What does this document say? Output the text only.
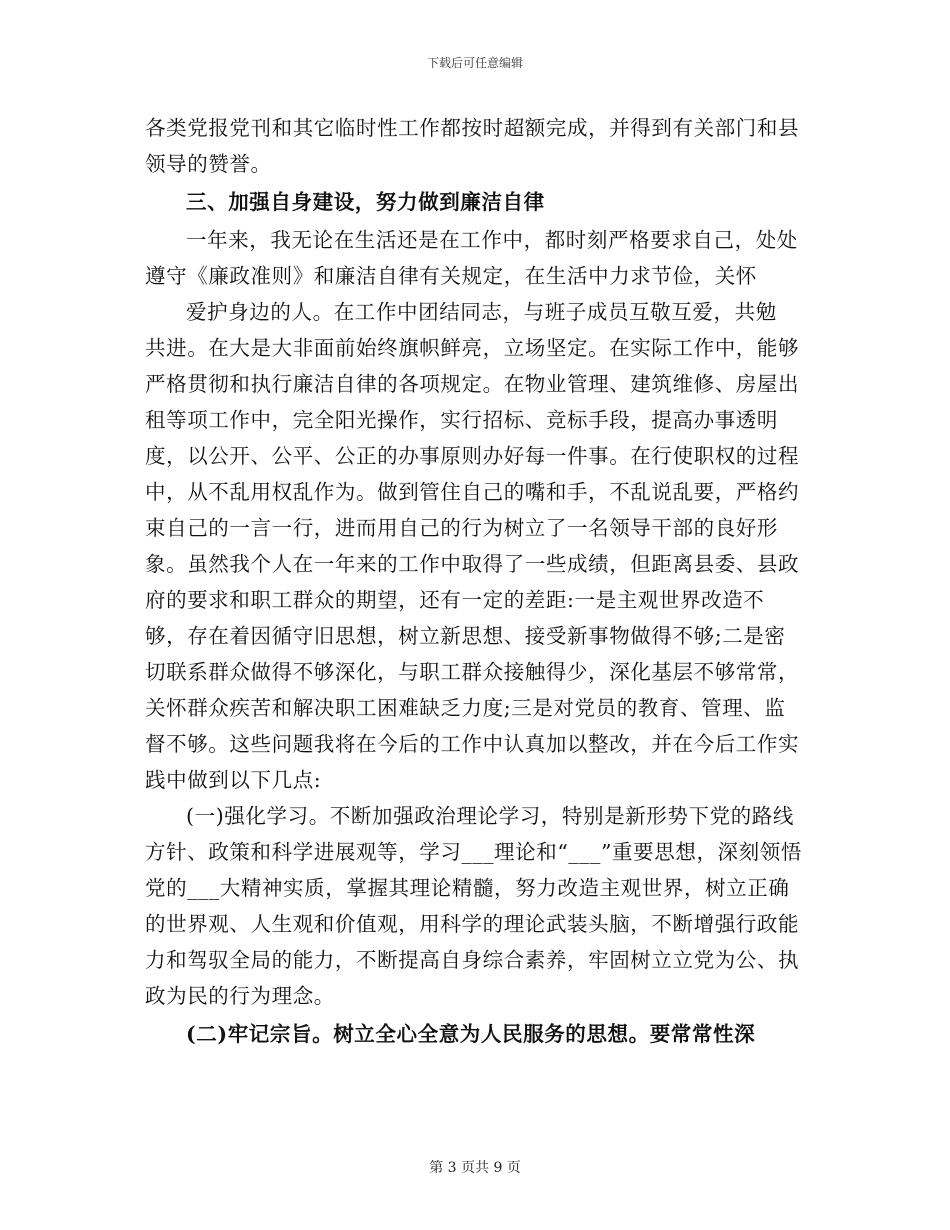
下载后可任意编辑

各类党报党刊和其它临时性工作都按时超额完成，并得到有关部门和县领导的赞誉。

三、加强自身建设，努力做到廉洁自律

一年来，我无论在生活还是在工作中，都时刻严格要求自己，处处遵守《廉政准则》和廉洁自律有关规定，在生活中力求节俭，关怀

爱护身边的人。在工作中团结同志，与班子成员互敬互爱，共勉

共进。在大是大非面前始终旗帜鲜亮，立场坚定。在实际工作中，能够严格贯彻和执行廉洁自律的各项规定。在物业管理、建筑维修、房屋出租等项工作中，完全阳光操作，实行招标、竞标手段，提高办事透明度，以公开、公平、公正的办事原则办好每一件事。在行使职权的过程中，从不乱用权乱作为。做到管住自己的嘴和手，不乱说乱要，严格约束自己的一言一行，进而用自己的行为树立了一名领导干部的良好形象。虽然我个人在一年来的工作中取得了一些成绩，但距离县委、县政府的要求和职工群众的期望，还有一定的差距:一是主观世界改造不够，存在着因循守旧思想，树立新思想、接受新事物做得不够;二是密切联系群众做得不够深化，与职工群众接触得少，深化基层不够常常，关怀群众疾苦和解决职工困难缺乏力度;三是对党员的教育、管理、监督不够。这些问题我将在今后的工作中认真加以整改，并在今后工作实践中做到以下几点:

(一)强化学习。不断加强政治理论学习，特别是新形势下党的路线方针、政策和科学进展观等，学习___理论和“___”重要思想，深刻领悟党的___大精神实质，掌握其理论精髓，努力改造主观世界，树立正确的世界观、人生观和价值观，用科学的理论武装头脑，不断增强行政能力和驾驭全局的能力，不断提高自身综合素养，牢固树立立党为公、执政为民的行为理念。

(二)牢记宗旨。树立全心全意为人民服务的思想。要常常性深

第 3 页共 9 页
